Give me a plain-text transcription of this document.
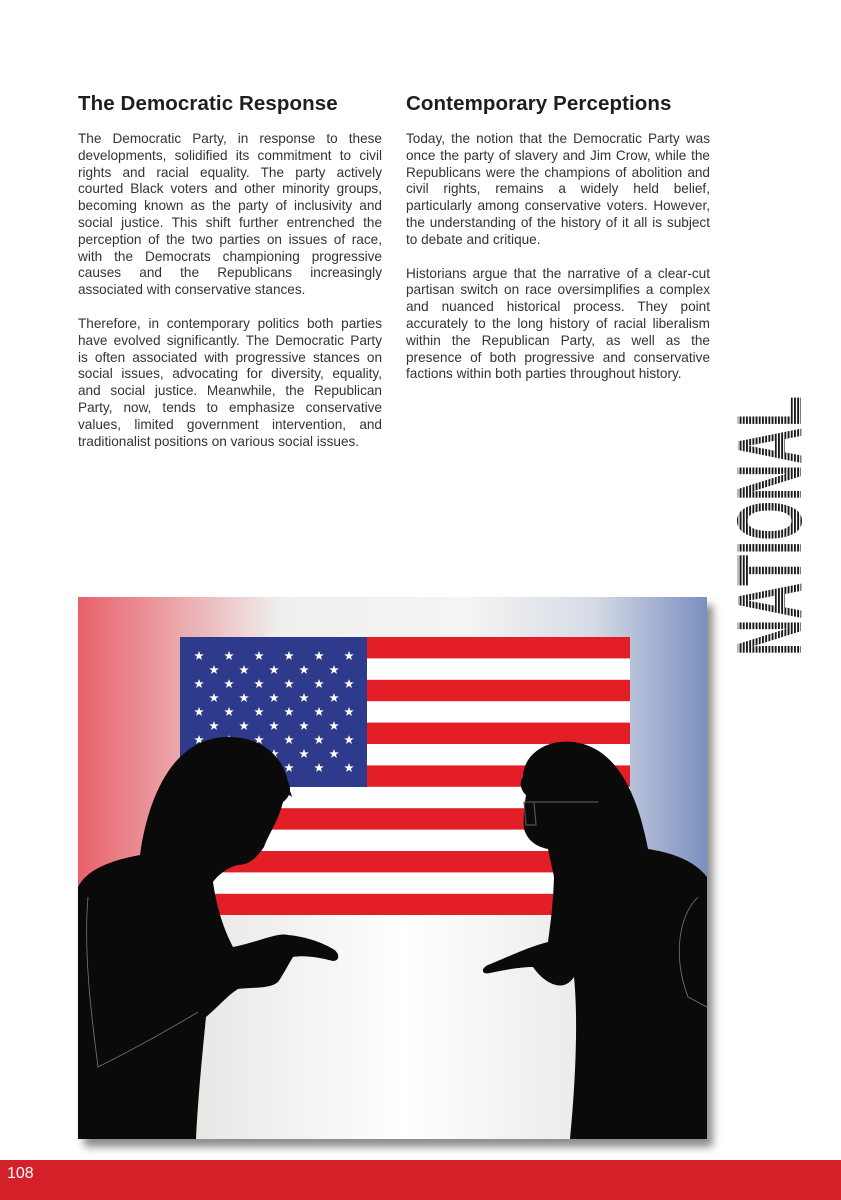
The Democratic Response

The Democratic Party, in response to these developments, solidified its commitment to civil rights and racial equality. The party actively courted Black voters and other minority groups, becoming known as the party of inclusivity and social justice. This shift further entrenched the perception of the two parties on issues of race, with the Democrats championing progressive causes and the Republicans increasingly associated with conservative stances.

Therefore, in contemporary politics both parties have evolved significantly. The Democratic Party is often associated with progressive stances on social issues, advocating for diversity, equality, and social justice. Meanwhile, the Republican Party, now, tends to emphasize conservative values, limited government intervention, and traditionalist positions on various social issues.

Contemporary Perceptions

Today, the notion that the Democratic Party was once the party of slavery and Jim Crow, while the Republicans were the champions of abolition and civil rights, remains a widely held belief, particularly among conservative voters. However, the understanding of the history of it all is subject to debate and critique.

Historians argue that the narrative of a clear-cut partisan switch on race oversimplifies a complex and nuanced historical process. They point accurately to the long history of racial liberalism within the Republican Party, as well as the presence of both progressive and conservative factions within both parties throughout history.

108
